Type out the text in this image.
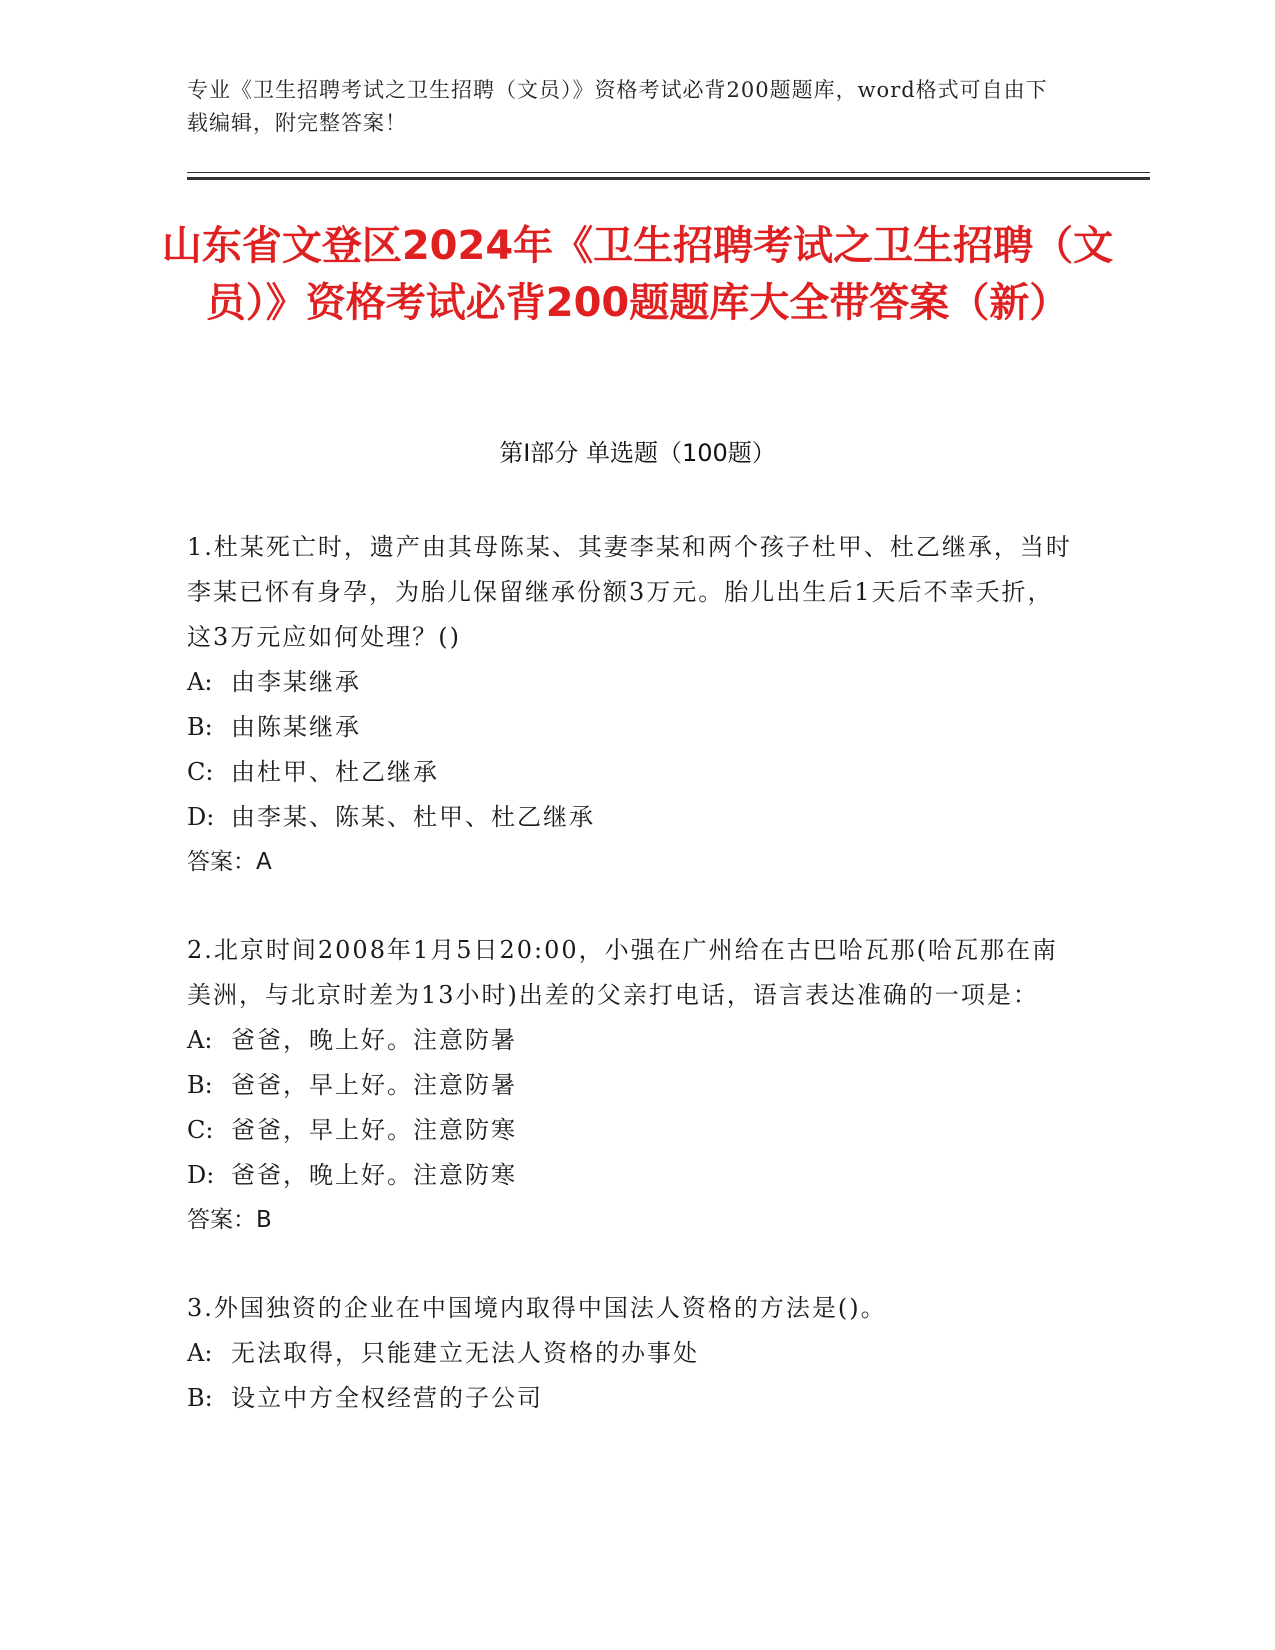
专业《卫生招聘考试之卫生招聘（文员）》资格考试必背200题题库，word格式可自由下载编辑，附完整答案！
山东省文登区2024年《卫生招聘考试之卫生招聘（文员）》资格考试必背200题题库大全带答案（新）
第Ⅰ部分 单选题（100题）
1.杜某死亡时，遗产由其母陈某、其妻李某和两个孩子杜甲、杜乙继承，当时李某已怀有身孕，为胎儿保留继承份额3万元。胎儿出生后1天后不幸夭折，这3万元应如何处理？()
A: 由李某继承
B: 由陈某继承
C: 由杜甲、杜乙继承
D: 由李某、陈某、杜甲、杜乙继承
答案：A
2.北京时间2008年1月5日20:00，小强在广州给在古巴哈瓦那(哈瓦那在南美洲，与北京时差为13小时)出差的父亲打电话，语言表达准确的一项是：
A: 爸爸，晚上好。注意防暑
B: 爸爸，早上好。注意防暑
C: 爸爸，早上好。注意防寒
D: 爸爸，晚上好。注意防寒
答案：B
3.外国独资的企业在中国境内取得中国法人资格的方法是()。
A: 无法取得，只能建立无法人资格的办事处
B: 设立中方全权经营的子公司
